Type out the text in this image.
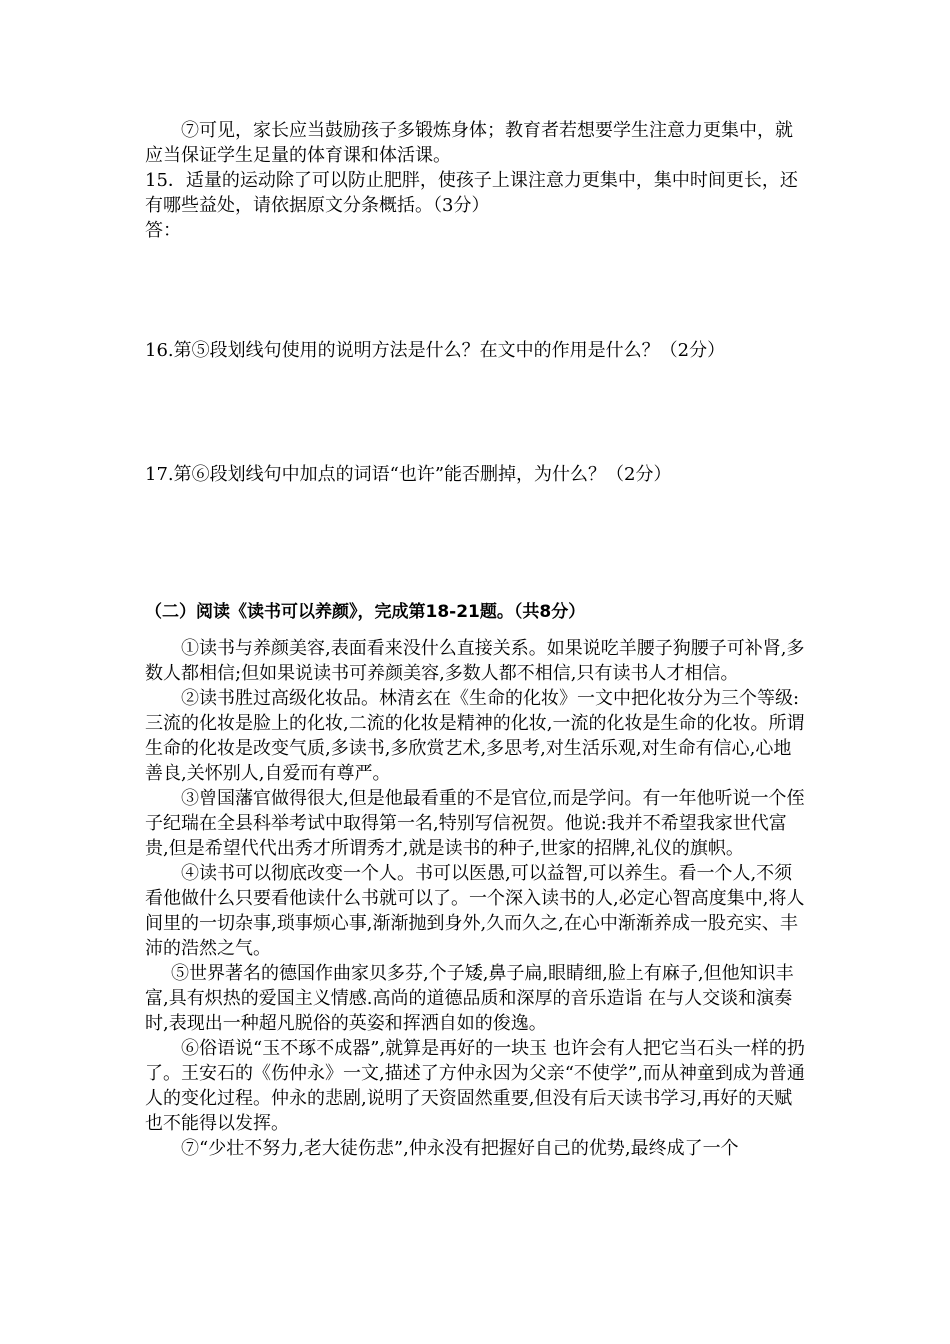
⑦可见，家长应当鼓励孩子多锻炼身体；教育者若想要学生注意力更集中，就应当保证学生足量的体育课和体活课。

15．适量的运动除了可以防止肥胖，使孩子上课注意力更集中，集中时间更长，还有哪些益处，请依据原文分条概括。（3分）

答：

16.第⑤段划线句使用的说明方法是什么？在文中的作用是什么？（2分）

17.第⑥段划线句中加点的词语“也许”能否删掉，为什么？（2分）

（二）阅读《读书可以养颜》，完成第18-21题。（共8分）

①读书与养颜美容,表面看来没什么直接关系。如果说吃羊腰子狗腰子可补肾,多数人都相信;但如果说读书可养颜美容,多数人都不相信,只有读书人才相信。

②读书胜过高级化妆品。林清玄在《生命的化妆》一文中把化妆分为三个等级:三流的化妆是脸上的化妆,二流的化妆是精神的化妆,一流的化妆是生命的化妆。所谓生命的化妆是改变气质,多读书,多欣赏艺术,多思考,对生活乐观,对生命有信心,心地善良,关怀别人,自爱而有尊严。

③曾国藩官做得很大,但是他最看重的不是官位,而是学问。有一年他听说一个侄子纪瑞在全县科举考试中取得第一名,特别写信祝贺。他说:我并不希望我家世代富贵,但是希望代代出秀才所谓秀才,就是读书的种子,世家的招牌,礼仪的旗帜。

④读书可以彻底改变一个人。书可以医愚,可以益智,可以养生。看一个人,不须看他做什么只要看他读什么书就可以了。一个深入读书的人,必定心智高度集中,将人间里的一切杂事,琐事烦心事,渐渐抛到身外,久而久之,在心中渐渐养成一股充实、丰沛的浩然之气。

⑤世界著名的德国作曲家贝多芬,个子矮,鼻子扁,眼睛细,脸上有麻子,但他知识丰富,具有炽热的爱国主义情感.高尚的道德品质和深厚的音乐造诣 在与人交谈和演奏时,表现出一种超凡脱俗的英姿和挥洒自如的俊逸。

⑥俗语说“玉不琢不成器”,就算是再好的一块玉 也许会有人把它当石头一样的扔了。王安石的《伤仲永》一文,描述了方仲永因为父亲“不使学”,而从神童到成为普通人的变化过程。仲永的悲剧,说明了天资固然重要,但没有后天读书学习,再好的天赋也不能得以发挥。

⑦“少壮不努力,老大徒伤悲”,仲永没有把握好自己的优势,最终成了一个
